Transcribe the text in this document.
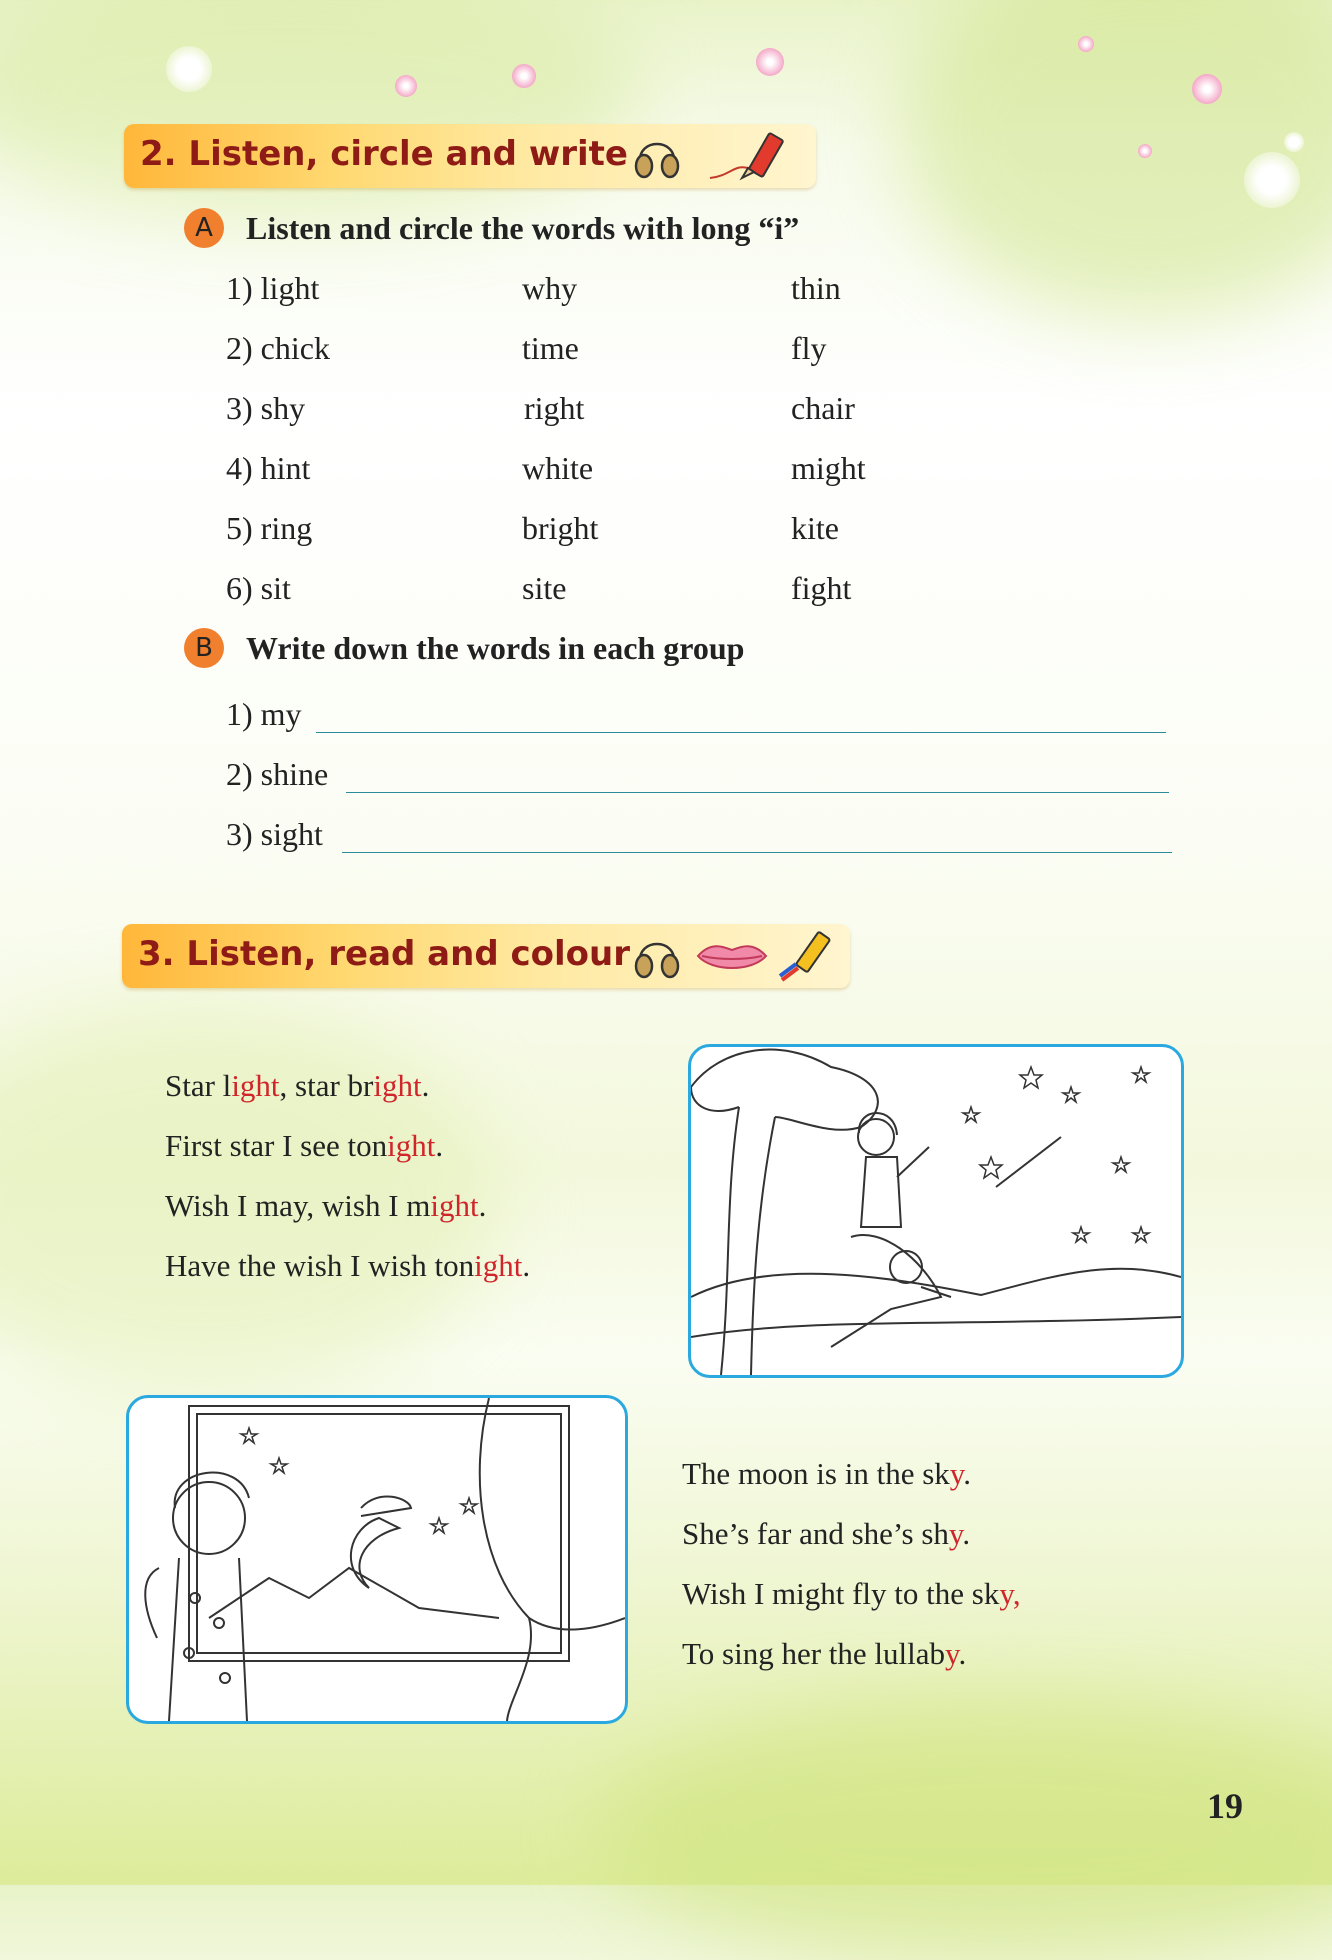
2. Listen, circle and write
A	Listen and circle the words with long “i”
1) light	why	thin
2) chick	time	fly
3) shy	right	chair
4) hint	white	might
5) ring	bright	kite
6) sit	site	fight
B	Write down the words in each group
1) my
2) shine
3) sight
3. Listen, read and colour
Star light, star bright.
First star I see tonight.
Wish I may, wish I might.
Have the wish I wish tonight.
The moon is in the sky.
She’s far and she’s shy.
Wish I might fly to the sky,
To sing her the lullaby.
19
